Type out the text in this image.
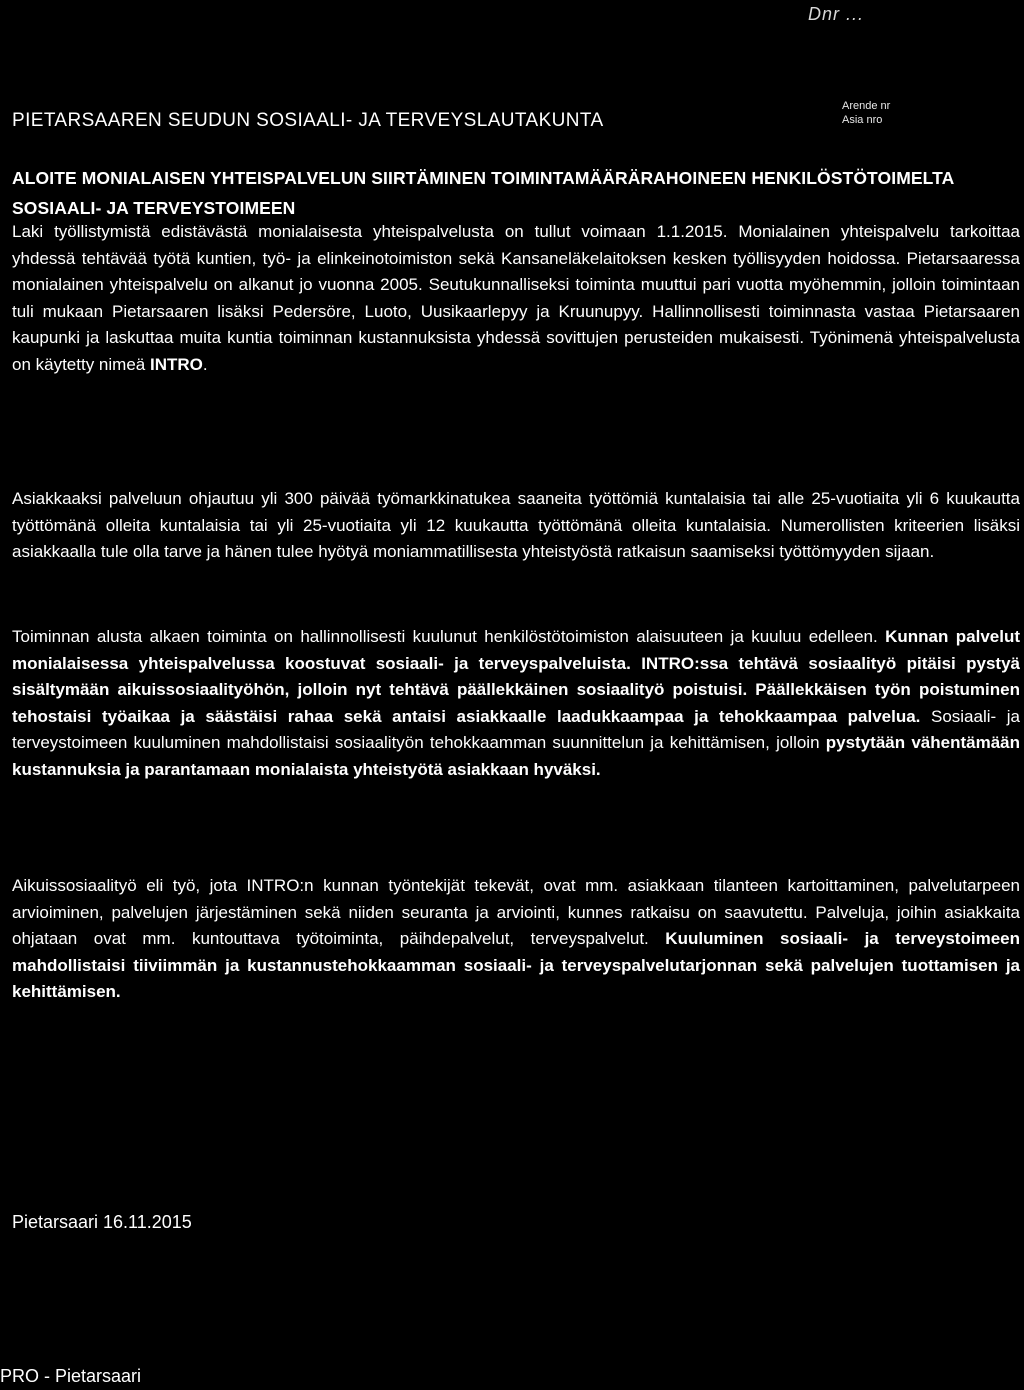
Dnr ...
PIETARSAAREN SEUDUN SOSIAALI- JA TERVEYSLAUTAKUNTA
Arende nr
Asia nro
ALOITE MONIALAISEN YHTEISPALVELUN SIIRTÄMINEN TOIMINTAMÄÄRÄRAHOINEEN HENKILÖSTÖTOIMELTA SOSIAALI- JA TERVEYSTOIMEEN
Laki työllistymistä edistävästä monialaisesta yhteispalvelusta on tullut voimaan 1.1.2015. Monialainen yhteispalvelu tarkoittaa yhdessä tehtävää työtä kuntien, työ- ja elinkeinotoimiston sekä Kansaneläkelaitoksen kesken työllisyyden hoidossa. Pietarsaaressa monialainen yhteispalvelu on alkanut jo vuonna 2005. Seutukunnalliseksi toiminta muuttui pari vuotta myöhemmin, jolloin toimintaan tuli mukaan Pietarsaaren lisäksi Pedersöre, Luoto, Uusikaarlepyy ja Kruunupyy. Hallinnollisesti toiminnasta vastaa Pietarsaaren kaupunki ja laskuttaa muita kuntia toiminnan kustannuksista yhdessä sovittujen perusteiden mukaisesti. Työnimenä yhteispalvelusta on käytetty nimeä INTRO.
Asiakkaaksi palveluun ohjautuu yli 300 päivää työmarkkinatukea saaneita työttömiä kuntalaisia tai alle 25-vuotiaita yli 6 kuukautta työttömänä olleita kuntalaisia tai yli 25-vuotiaita yli 12 kuukautta työttömänä olleita kuntalaisia. Numerollisten kriteerien lisäksi asiakkaalla tule olla tarve ja hänen tulee hyötyä moniammatillisesta yhteistyöstä ratkaisun saamiseksi työttömyyden sijaan.
Toiminnan alusta alkaen toiminta on hallinnollisesti kuulunut henkilöstötoimiston alaisuuteen ja kuuluu edelleen. Kunnan palvelut monialaisessa yhteispalvelussa koostuvat sosiaali- ja terveyspalveluista. INTRO:ssa tehtävä sosiaalityö pitäisi pystyä sisältymään aikuissosiaalityöhön, jolloin nyt tehtävä päällekkäinen sosiaalityö poistuisi. Päällekkäisen työn poistuminen tehostaisi työaikaa ja säästäisi rahaa sekä antaisi asiakkaalle laadukkaampaa ja tehokkaampaa palvelua. Sosiaali- ja terveystoimeen kuuluminen mahdollistaisi sosiaalityön tehokkaamman suunnittelun ja kehittämisen, jolloin pystytään vähentämään kustannuksia ja parantamaan monialaista yhteistyötä asiakkaan hyväksi.
Aikuissosiaalityö eli työ, jota INTRO:n kunnan työntekijät tekevät, ovat mm. asiakkaan tilanteen kartoittaminen, palvelutarpeen arvioiminen, palvelujen järjestäminen sekä niiden seuranta ja arviointi, kunnes ratkaisu on saavutettu. Palveluja, joihin asiakkaita ohjataan ovat mm. kuntouttava työtoiminta, päihdepalvelut, terveyspalvelut. Kuuluminen sosiaali- ja terveystoimeen mahdollistaisi tiiviimmän ja kustannustehokkaamman sosiaali- ja terveyspalvelutarjonnan sekä palvelujen tuottamisen ja kehittämisen.
Pietarsaari 16.11.2015
PRO - Pietarsaari
